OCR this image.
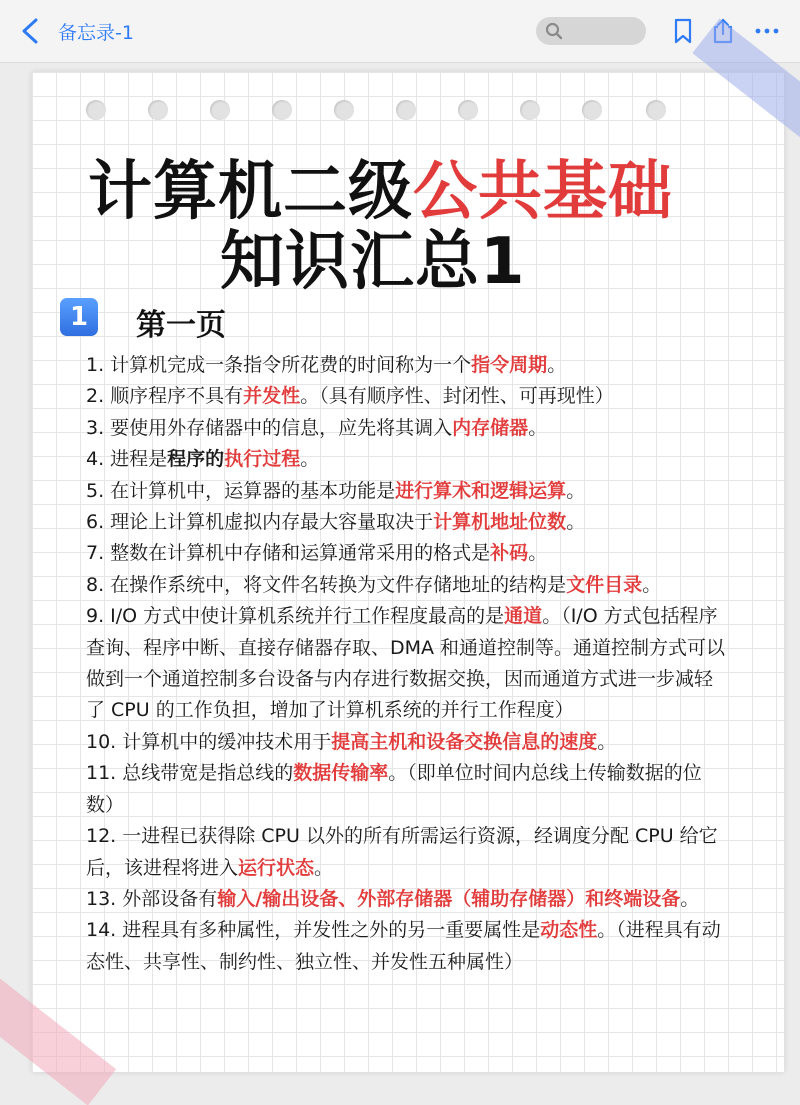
备忘录-1
计算机二级公共基础
知识汇总1
1	第一页

1. 计算机完成一条指令所花费的时间称为一个指令周期。

2. 顺序程序不具有并发性。（具有顺序性、封闭性、可再现性）

3. 要使用外存储器中的信息，应先将其调入内存储器。

4. 进程是程序的执行过程。

5. 在计算机中，运算器的基本功能是进行算术和逻辑运算。

6. 理论上计算机虚拟内存最大容量取决于计算机地址位数。

7. 整数在计算机中存储和运算通常采用的格式是补码。

8. 在操作系统中，将文件名转换为文件存储地址的结构是文件目录。

9. I/O 方式中使计算机系统并行工作程度最高的是通道。（I/O 方式包括程序查询、程序中断、直接存储器存取、DMA 和通道控制等。通道控制方式可以做到一个通道控制多台设备与内存进行数据交换，因而通道方式进一步减轻了 CPU 的工作负担，增加了计算机系统的并行工作程度）

10. 计算机中的缓冲技术用于提高主机和设备交换信息的速度。

11. 总线带宽是指总线的数据传输率。（即单位时间内总线上传输数据的位数）

12. 一进程已获得除 CPU 以外的所有所需运行资源，经调度分配 CPU 给它后，该进程将进入运行状态。

13. 外部设备有输入/输出设备、外部存储器（辅助存储器）和终端设备。

14. 进程具有多种属性，并发性之外的另一重要属性是动态性。（进程具有动态性、共享性、制约性、独立性、并发性五种属性）
